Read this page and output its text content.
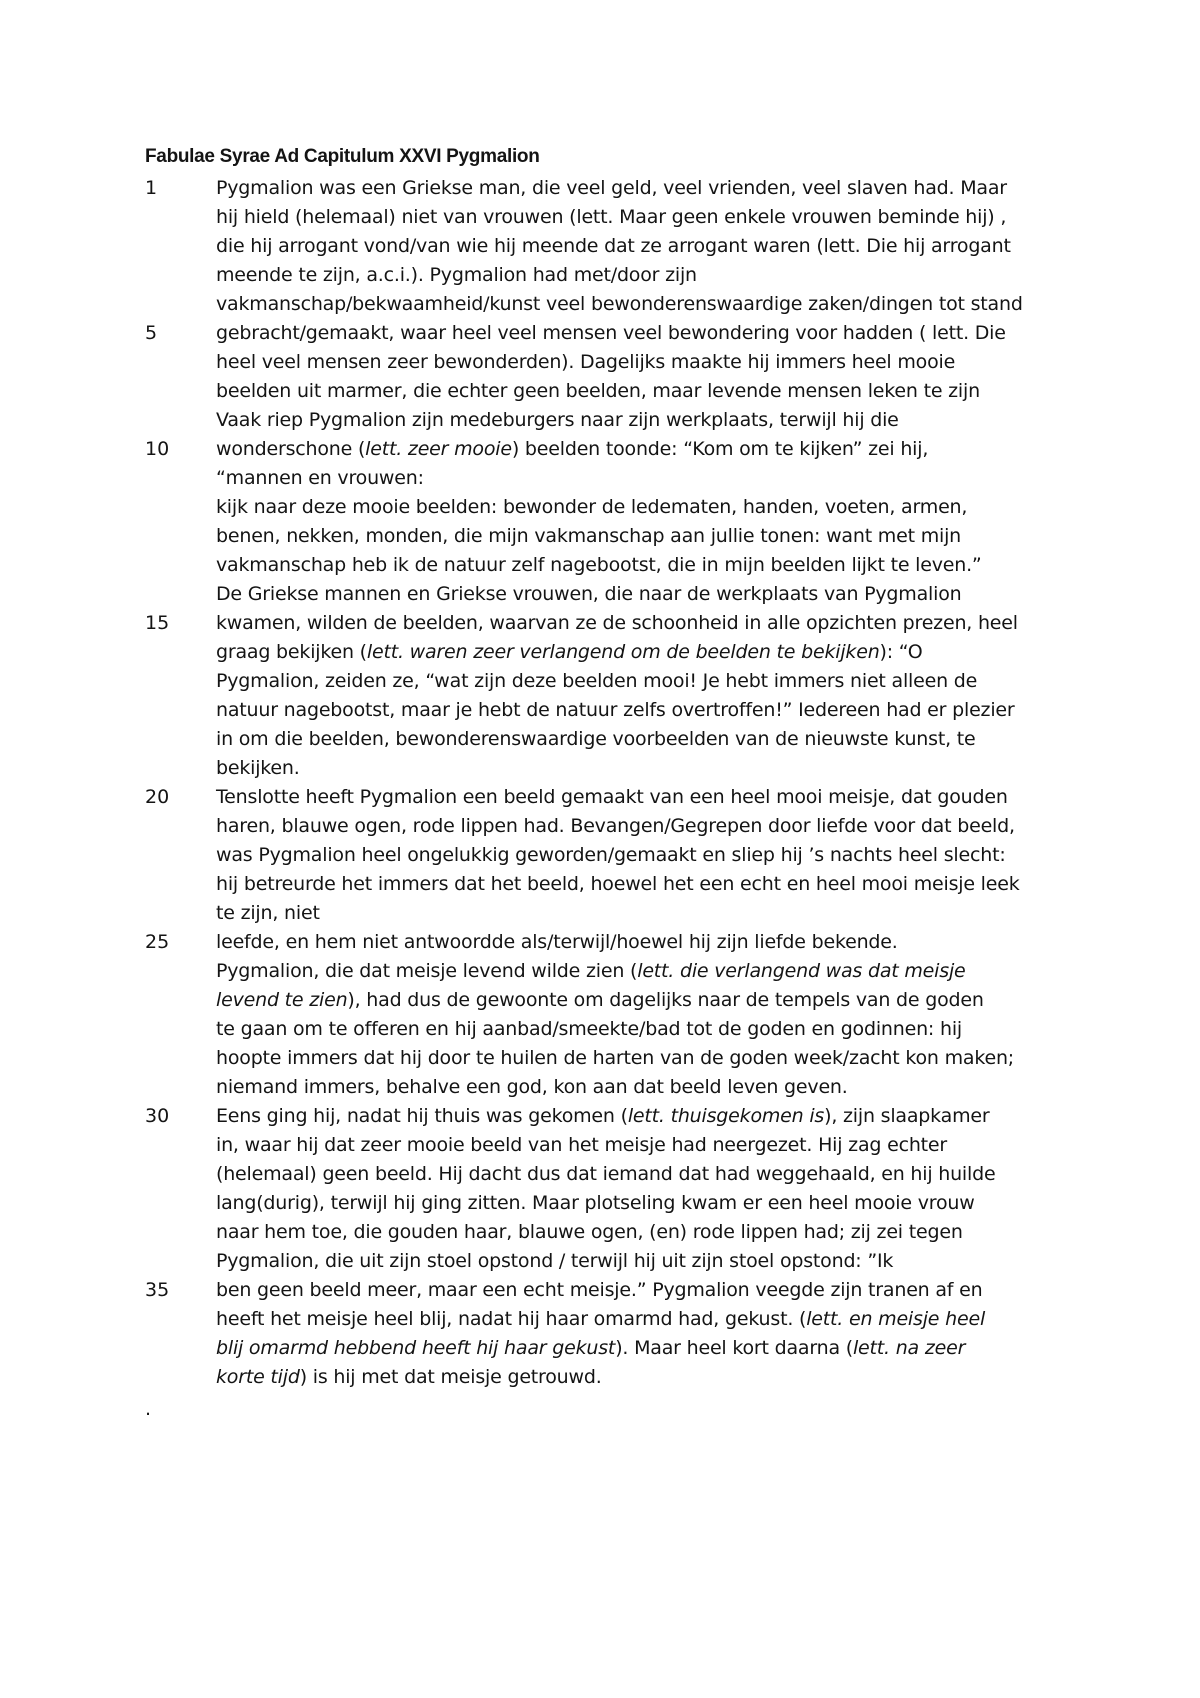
Fabulae Syrae Ad Capitulum XXVI Pygmalion
1	Pygmalion was een Griekse man, die veel geld, veel vrienden, veel slaven had. Maar
hij hield (helemaal) niet van vrouwen (lett. Maar geen enkele vrouwen beminde hij) ,
die hij arrogant vond/van wie hij meende dat ze arrogant waren (lett. Die hij arrogant
meende te zijn, a.c.i.). Pygmalion had met/door zijn
vakmanschap/bekwaamheid/kunst veel bewonderenswaardige zaken/dingen tot stand
5	gebracht/gemaakt, waar heel veel mensen veel bewondering voor hadden ( lett. Die
heel veel mensen zeer bewonderden). Dagelijks maakte hij immers heel mooie
beelden uit marmer, die echter geen beelden, maar levende mensen leken te zijn
Vaak riep Pygmalion zijn medeburgers naar zijn werkplaats, terwijl hij die
10 wonderschone (lett. zeer mooie) beelden toonde: “Kom om te kijken” zei hij,
“mannen en vrouwen:
kijk naar deze mooie beelden: bewonder de ledematen, handen, voeten, armen,
benen, nekken, monden, die mijn vakmanschap aan jullie tonen: want met mijn
vakmanschap heb ik de natuur zelf nagebootst, die in mijn beelden lijkt te leven.”
De Griekse mannen en Griekse vrouwen, die naar de werkplaats van Pygmalion
15 kwamen, wilden de beelden, waarvan ze de schoonheid in alle opzichten prezen, heel
graag bekijken (lett. waren zeer verlangend om de beelden te bekijken): “O
Pygmalion, zeiden ze, “wat zijn deze beelden mooi! Je hebt immers niet alleen de
natuur nagebootst, maar je hebt de natuur zelfs overtroffen!” Iedereen had er plezier
in om die beelden, bewonderenswaardige voorbeelden van de nieuwste kunst, te
bekijken.
20 Tenslotte heeft Pygmalion een beeld gemaakt van een heel mooi meisje, dat gouden
haren, blauwe ogen, rode lippen had. Bevangen/Gegrepen door liefde voor dat beeld,
was Pygmalion heel ongelukkig geworden/gemaakt en sliep hij ’s nachts heel slecht:
hij betreurde het immers dat het beeld, hoewel het een echt en heel mooi meisje leek
te zijn, niet
25 leefde, en hem niet antwoordde als/terwijl/hoewel hij zijn liefde bekende.
Pygmalion, die dat meisje levend wilde zien (lett. die verlangend was dat meisje
levend te zien), had dus de gewoonte om dagelijks naar de tempels van de goden
te gaan om te offeren en hij aanbad/smeekte/bad tot de goden en godinnen: hij
hoopte immers dat hij door te huilen de harten van de goden week/zacht kon maken;
niemand immers, behalve een god, kon aan dat beeld leven geven.
30 Eens ging hij, nadat hij thuis was gekomen (lett. thuisgekomen is), zijn slaapkamer
in, waar hij dat zeer mooie beeld van het meisje had neergezet. Hij zag echter
(helemaal) geen beeld. Hij dacht dus dat iemand dat had weggehaald, en hij huilde
lang(durig), terwijl hij ging zitten. Maar plotseling kwam er een heel mooie vrouw
naar hem toe, die gouden haar, blauwe ogen, (en) rode lippen had; zij zei tegen
Pygmalion, die uit zijn stoel opstond / terwijl hij uit zijn stoel opstond: ”Ik
35 ben geen beeld meer, maar een echt meisje.” Pygmalion veegde zijn tranen af en
heeft het meisje heel blij, nadat hij haar omarmd had, gekust. (lett. en meisje heel
blij omarmd hebbend heeft hij haar gekust). Maar heel kort daarna (lett. na zeer
korte tijd) is hij met dat meisje getrouwd.
.
